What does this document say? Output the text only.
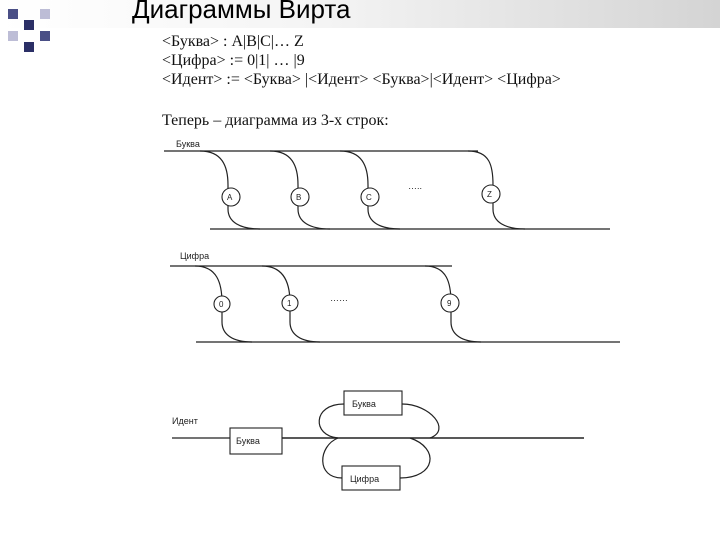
Диаграммы Вирта
<Буква> : A|B|C|… Z
<Цифра> := 0|1| … |9
<Идент> := <Буква> |<Идент> <Буква>|<Идент> <Цифра>
Теперь – диаграмма из 3-х строк:
Буква
A	B	C	Z
…..
Цифра
0	1	9
……
Идент
Буква
Буква
Цифра
